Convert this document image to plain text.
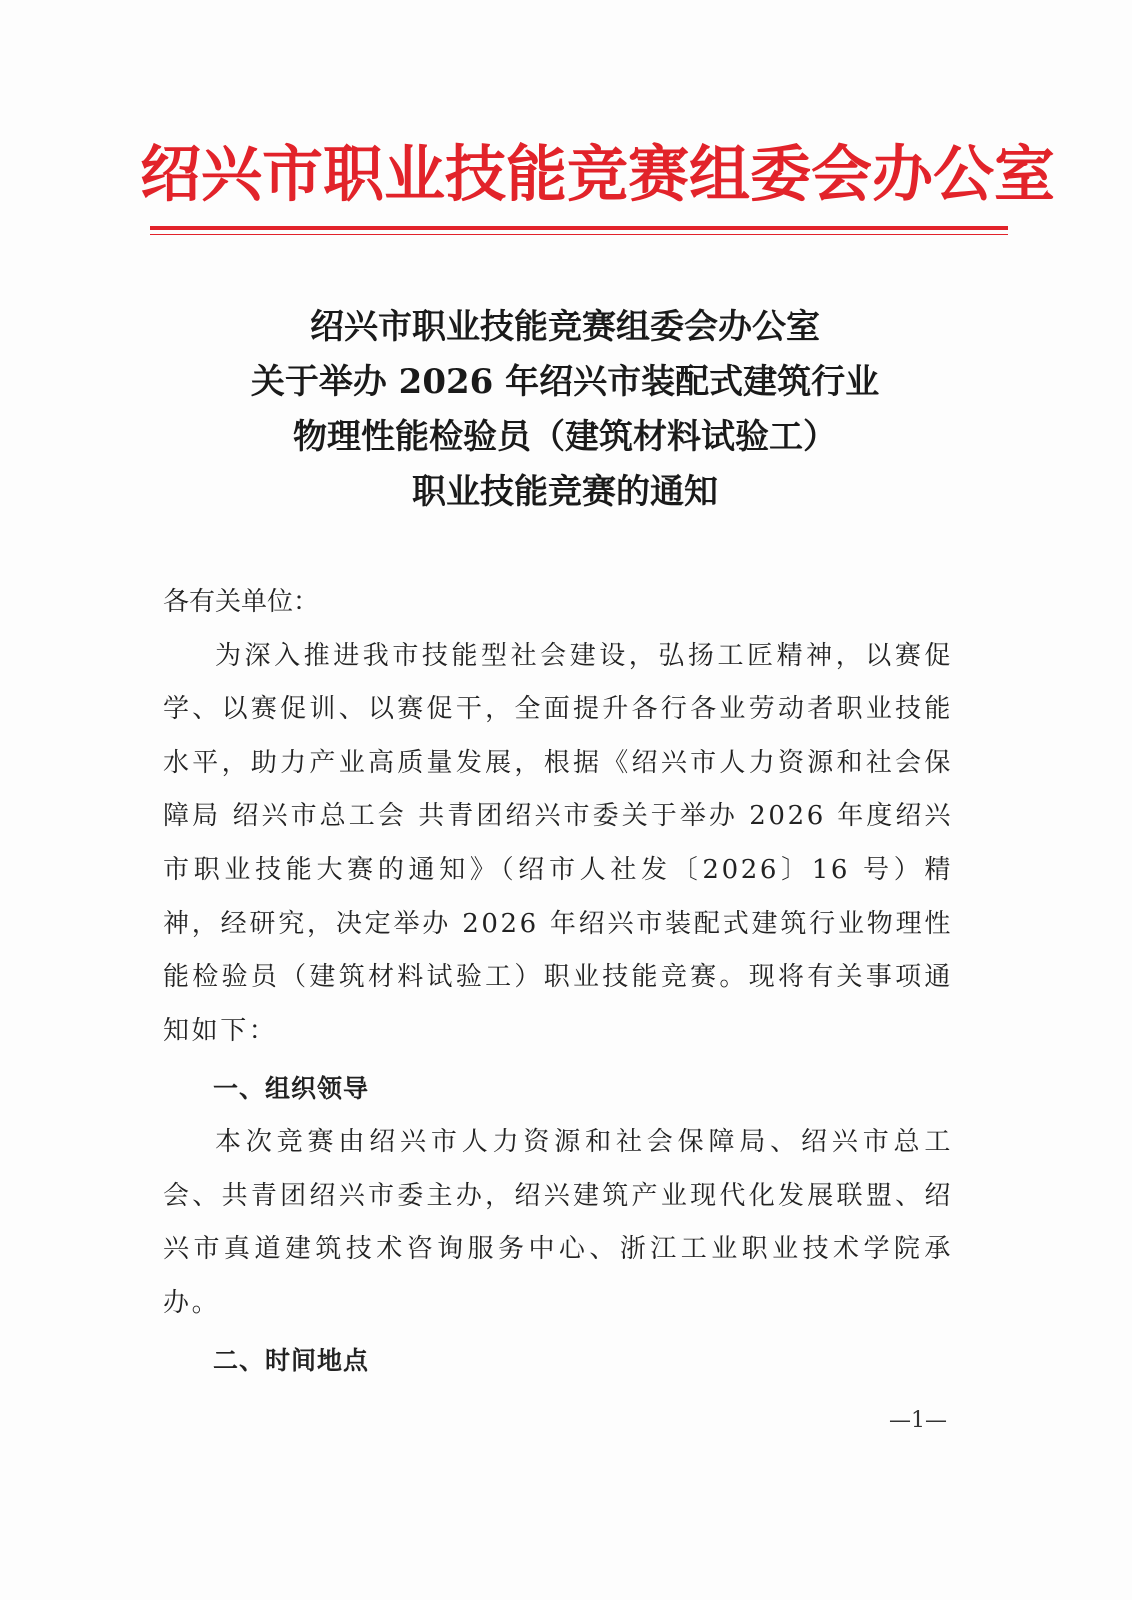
绍兴市职业技能竞赛组委会办公室
绍兴市职业技能竞赛组委会办公室
关于举办 2026 年绍兴市装配式建筑行业
物理性能检验员（建筑材料试验工）
职业技能竞赛的通知

各有关单位：

为深入推进我市技能型社会建设，弘扬工匠精神，以赛促学、以赛促训、以赛促干，全面提升各行各业劳动者职业技能水平，助力产业高质量发展，根据《绍兴市人力资源和社会保障局 绍兴市总工会 共青团绍兴市委关于举办 2026 年度绍兴市职业技能大赛的通知》（绍市人社发〔2026〕16 号）精神，经研究，决定举办 2026 年绍兴市装配式建筑行业物理性能检验员（建筑材料试验工）职业技能竞赛。现将有关事项通知如下：

一、组织领导

本次竞赛由绍兴市人力资源和社会保障局、绍兴市总工会、共青团绍兴市委主办，绍兴建筑产业现代化发展联盟、绍兴市真道建筑技术咨询服务中心、浙江工业职业技术学院承办。

二、时间地点

—1—
